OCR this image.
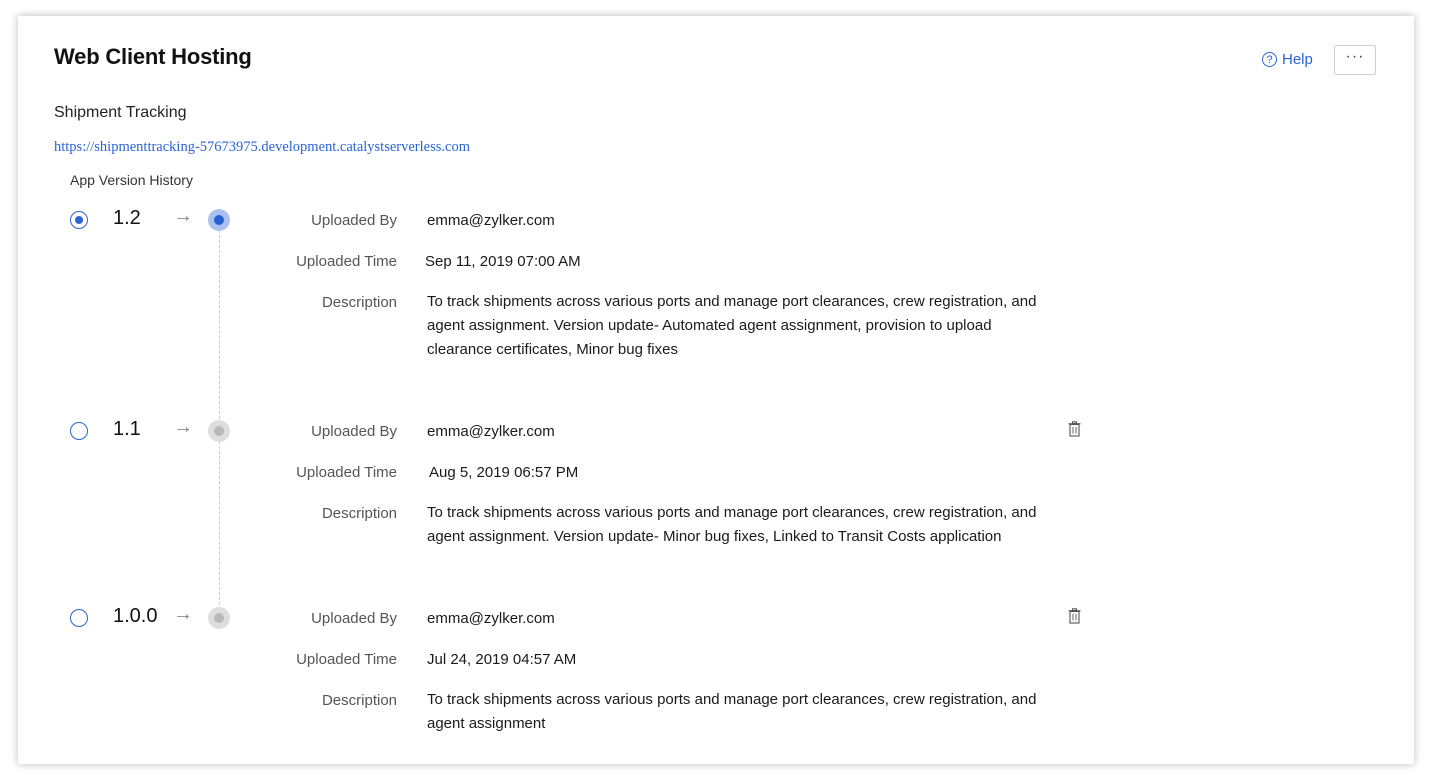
Web Client Hosting	? Help ···
Shipment Tracking
https://shipmenttracking-57673975.development.catalystserverless.com
App Version History
1.2 →	Uploaded By emma@zylker.com
Uploaded Time Sep 11, 2019 07:00 AM
Description To track shipments across various ports and manage port clearances, crew registration, and agent assignment. Version update- Automated agent assignment, provision to upload clearance certificates, Minor bug fixes
1.1 →	Uploaded By emma@zylker.com
Uploaded Time Aug 5, 2019 06:57 PM
Description To track shipments across various ports and manage port clearances, crew registration, and agent assignment. Version update- Minor bug fixes, Linked to Transit Costs application
1.0.0 →	Uploaded By emma@zylker.com
Uploaded Time Jul 24, 2019 04:57 AM
Description To track shipments across various ports and manage port clearances, crew registration, and agent assignment
